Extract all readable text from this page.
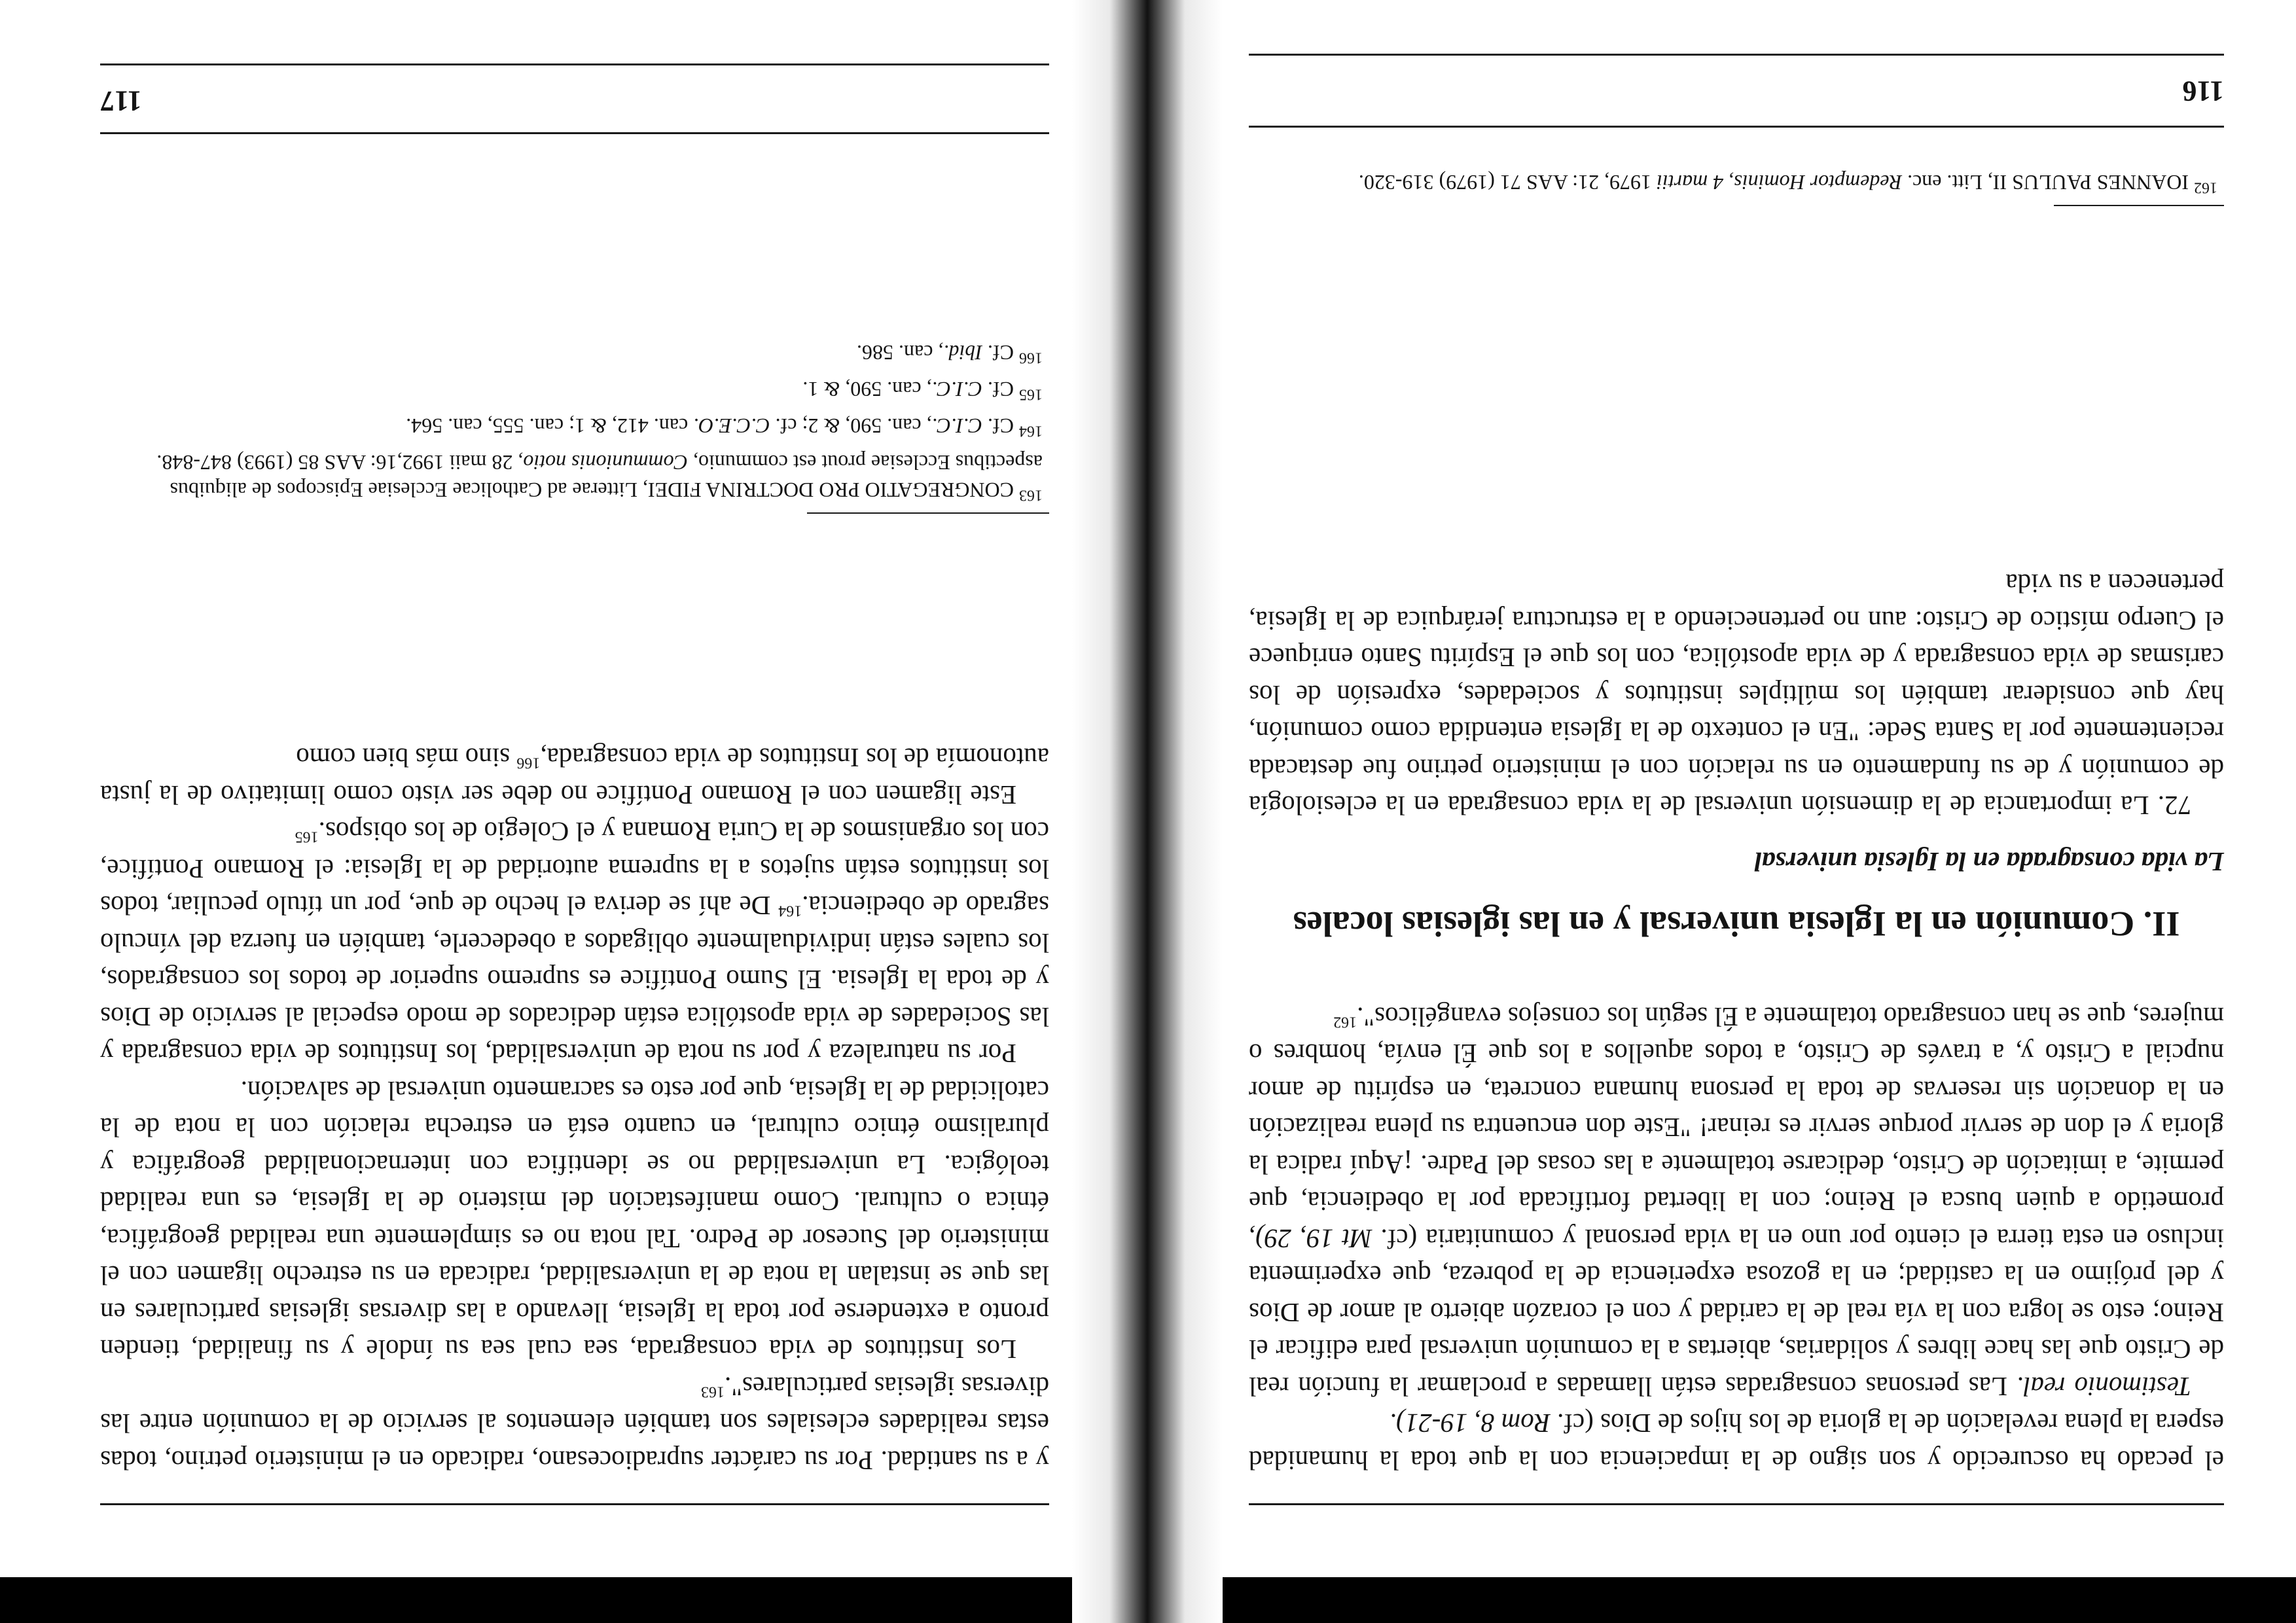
el pecado ha oscurecido y son signo de la impaciencia con la que toda la humanidad espera la plena revelación de la gloria de los hijos de Dios (cf. Rom 8, 19-21).

Testimonio real. Las personas consagradas están llamadas a proclamar la función real de Cristo que las hace libres y solidarias, abiertas a la comunión universal para edificar el Reino; esto se logra con la vía real de la caridad y con el corazón abierto al amor de Dios y del prójimo en la castidad; en la gozosa experiencia de la pobreza, que experimenta incluso en esta tierra el ciento por uno en la vida personal y comunitaria (cf. Mt 19, 29), prometido a quien busca el Reino; con la libertad fortificada por la obediencia, que permite, a imitación de Cristo, dedicarse totalmente a las cosas del Padre. ¡Aquí radica la gloria y el don de servir porque servir es reinar! "Este don encuentra su plena realización en la donación sin reservas de toda la persona humana concreta, en espíritu de amor nupcial a Cristo y, a través de Cristo, a todos aquellos a los que Él envía, hombres o mujeres, que se han consagrado totalmente a Él según los consejos evangélicos".$^{162}$

II. Comunión en la Iglesia universal y en las iglesias locales
La vida consagrada en la Iglesia universal

72. La importancia de la dimensión universal de la vida consagrada en la eclesiología de comunión y de su fundamento en su relación con el ministerio petrino fue destacada recientemente por la Santa Sede: "En el contexto de la Iglesia entendida como comunión, hay que considerar también los múltiples institutos y sociedades, expresión de los carismas de vida consagrada y de vida apostólica, con los que el Espíritu Santo enriquece el Cuerpo místico de Cristo: aun no perteneciendo a la estructura jerárquica de la Iglesia, pertenecen a su vida

$^{162}$ IOANNES PAULUS II, Litt. enc. Redemptor Hominis, 4 martii 1979, 21: AAS 71 (1979) 319-320.
116

y a su santidad. Por su carácter supradiocesano, radicado en el ministerio petrino, todas estas realidades eclesiales son también elementos al servicio de la comunión entre las diversas iglesias particulares".$^{163}$

Los Institutos de vida consagrada, sea cual sea su índole y su finalidad, tienden pronto a extenderse por toda la Iglesia, llevando a las diversas iglesias particulares en las que se instalan la nota de la universalidad, radicada en su estrecho ligamen con el ministerio del Sucesor de Pedro. Tal nota no es simplemente una realidad geográfica, étnica o cultural. Como manifestación del misterio de la Iglesia, es una realidad teológica. La universalidad no se identifica con internacionalidad geográfica y pluralismo étnico cultural, en cuanto está en estrecha relación con la nota de la catolicidad de la Iglesia, que por esto es sacramento universal de salvación.

Por su naturaleza y por su nota de universalidad, los Institutos de vida consagrada y las Sociedades de vida apostólica están dedicados de modo especial al servicio de Dios y de toda la Iglesia. El Sumo Pontífice es supremo superior de todos los consagrados, los cuales están individualmente obligados a obedecerle, también en fuerza del vínculo sagrado de obediencia.$^{164}$ De ahí se deriva el hecho de que, por un título peculiar, todos los institutos están sujetos a la suprema autoridad de la Iglesia: el Romano Pontífice, con los organismos de la Curia Romana y el Colegio de los obispos.$^{165}$

Este ligamen con el Romano Pontífice no debe ser visto como limitativo de la justa autonomía de los Institutos de vida consagrada,$^{166}$ sino más bien como

$^{163}$ CONGREGATIO PRO DOCTRINA FIDEI, Litterae ad Catholicae Ecclesiae Episcopos de aliquibus aspectibus Ecclesiae prout est communio, Communionis notio, 28 maii 1992,16: AAS 85 (1993) 847-848.
$^{164}$ Cf. C.I.C., can. 590, & 2; cf. C.C.E.O. can. 412, & 1; can. 555, can. 564.
$^{165}$ Cf. C.I.C., can. 590, & 1.
$^{166}$ Cf. Ibid., can. 586.
117
